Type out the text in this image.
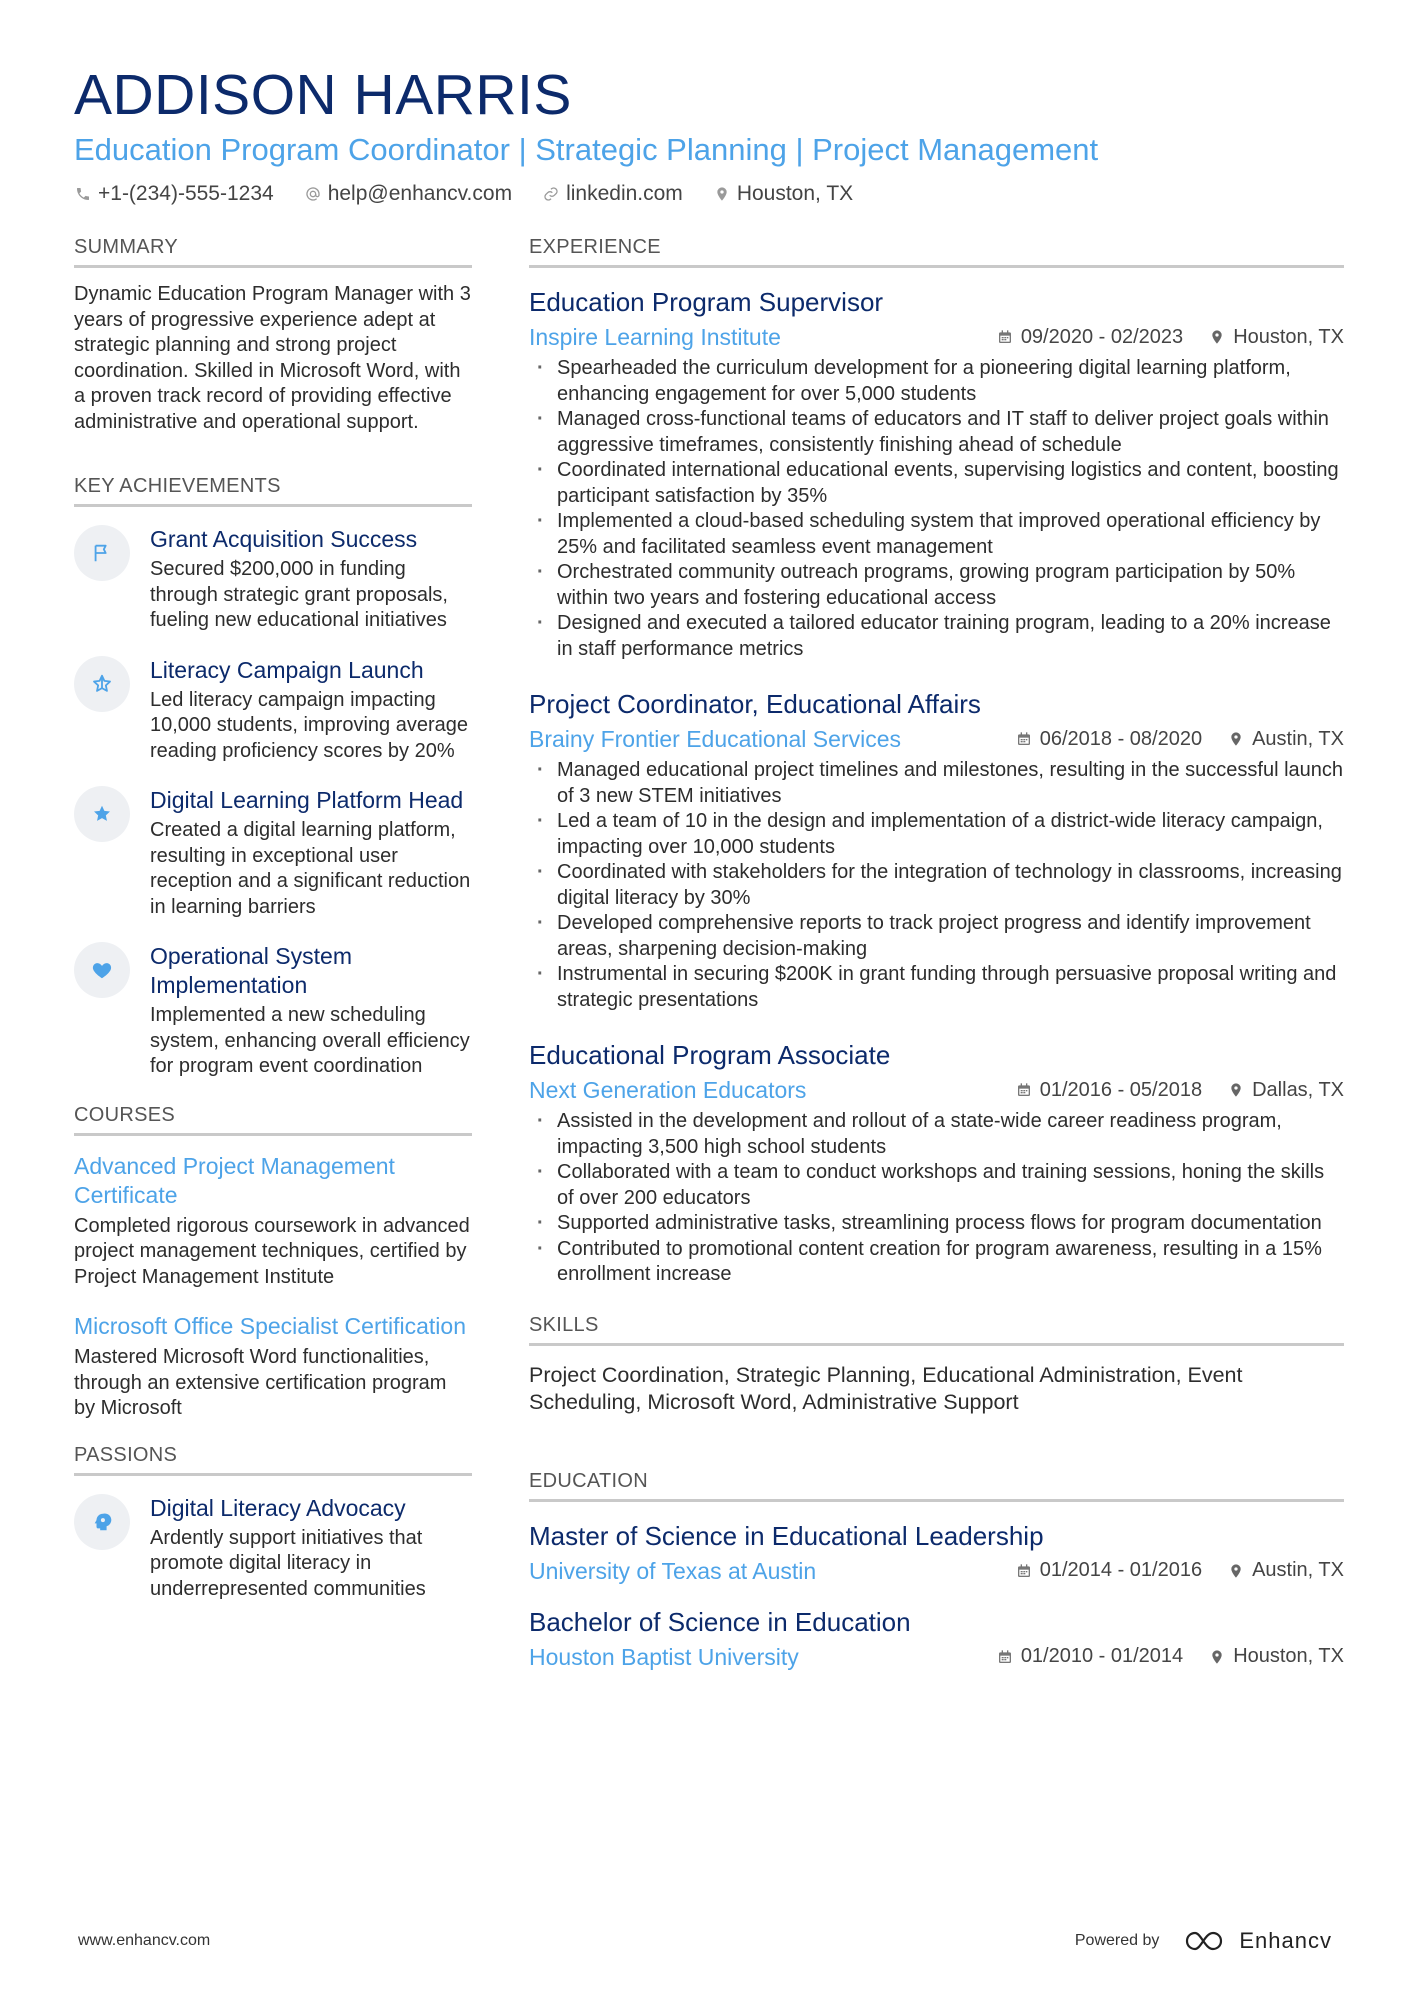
ADDISON HARRIS
Education Program Coordinator | Strategic Planning | Project Management
+1-(234)-555-1234	help@enhancv.com	linkedin.com	Houston, TX
SUMMARY
Dynamic Education Program Manager with 3 years of progressive experience adept at strategic planning and strong project coordination. Skilled in Microsoft Word, with a proven track record of providing effective administrative and operational support.
KEY ACHIEVEMENTS
Grant Acquisition Success
Secured $200,000 in funding through strategic grant proposals, fueling new educational initiatives
Literacy Campaign Launch
Led literacy campaign impacting 10,000 students, improving average reading proficiency scores by 20%
Digital Learning Platform Head
Created a digital learning platform, resulting in exceptional user reception and a significant reduction in learning barriers
Operational System Implementation
Implemented a new scheduling system, enhancing overall efficiency for program event coordination
COURSES
Advanced Project Management Certificate
Completed rigorous coursework in advanced project management techniques, certified by Project Management Institute
Microsoft Office Specialist Certification
Mastered Microsoft Word functionalities, through an extensive certification program by Microsoft
PASSIONS
Digital Literacy Advocacy
Ardently support initiatives that promote digital literacy in underrepresented communities
EXPERIENCE
Education Program Supervisor
Inspire Learning Institute	09/2020 - 02/2023	Houston, TX
· Spearheaded the curriculum development for a pioneering digital learning platform, enhancing engagement for over 5,000 students
· Managed cross-functional teams of educators and IT staff to deliver project goals within aggressive timeframes, consistently finishing ahead of schedule
· Coordinated international educational events, supervising logistics and content, boosting participant satisfaction by 35%
· Implemented a cloud-based scheduling system that improved operational efficiency by 25% and facilitated seamless event management
· Orchestrated community outreach programs, growing program participation by 50% within two years and fostering educational access
· Designed and executed a tailored educator training program, leading to a 20% increase in staff performance metrics
Project Coordinator, Educational Affairs
Brainy Frontier Educational Services	06/2018 - 08/2020	Austin, TX
· Managed educational project timelines and milestones, resulting in the successful launch of 3 new STEM initiatives
· Led a team of 10 in the design and implementation of a district-wide literacy campaign, impacting over 10,000 students
· Coordinated with stakeholders for the integration of technology in classrooms, increasing digital literacy by 30%
· Developed comprehensive reports to track project progress and identify improvement areas, sharpening decision-making
· Instrumental in securing $200K in grant funding through persuasive proposal writing and strategic presentations
Educational Program Associate
Next Generation Educators	01/2016 - 05/2018	Dallas, TX
· Assisted in the development and rollout of a state-wide career readiness program, impacting 3,500 high school students
· Collaborated with a team to conduct workshops and training sessions, honing the skills of over 200 educators
· Supported administrative tasks, streamlining process flows for program documentation
· Contributed to promotional content creation for program awareness, resulting in a 15% enrollment increase
SKILLS
Project Coordination, Strategic Planning, Educational Administration, Event Scheduling, Microsoft Word, Administrative Support
EDUCATION
Master of Science in Educational Leadership
University of Texas at Austin	01/2014 - 01/2016	Austin, TX
Bachelor of Science in Education
Houston Baptist University	01/2010 - 01/2014	Houston, TX
www.enhancv.com	Powered by	Enhancv
